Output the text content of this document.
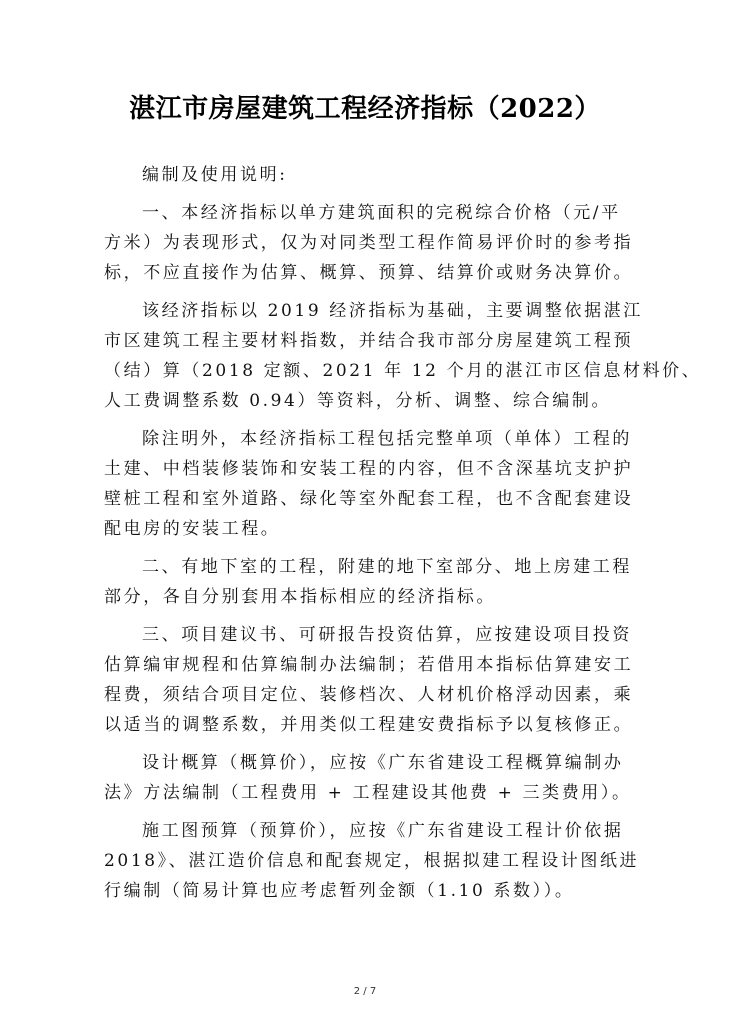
湛江市房屋建筑工程经济指标（2022）
编制及使用说明:
一、本经济指标以单方建筑面积的完税综合价格（元/平
方米）为表现形式，仅为对同类型工程作简易评价时的参考指
标，不应直接作为估算、概算、预算、结算价或财务决算价。
该经济指标以 2019 经济指标为基础，主要调整依据湛江
市区建筑工程主要材料指数，并结合我市部分房屋建筑工程预
（结）算（2018 定额、2021 年 12 个月的湛江市区信息材料价、
人工费调整系数 0.94）等资料，分析、调整、综合编制。
除注明外，本经济指标工程包括完整单项（单体）工程的
土建、中档装修装饰和安装工程的内容，但不含深基坑支护护
壁桩工程和室外道路、绿化等室外配套工程，也不含配套建设
配电房的安装工程。
二、有地下室的工程，附建的地下室部分、地上房建工程
部分，各自分别套用本指标相应的经济指标。
三、项目建议书、可研报告投资估算，应按建设项目投资
估算编审规程和估算编制办法编制；若借用本指标估算建安工
程费，须结合项目定位、装修档次、人材机价格浮动因素，乘
以适当的调整系数，并用类似工程建安费指标予以复核修正。
设计概算（概算价），应按《广东省建设工程概算编制办
法》方法编制（工程费用 + 工程建设其他费 + 三类费用）。
施工图预算（预算价），应按《广东省建设工程计价依据
2018》、湛江造价信息和配套规定，根据拟建工程设计图纸进
行编制（简易计算也应考虑暂列金额（1.10 系数））。
2 / 7
